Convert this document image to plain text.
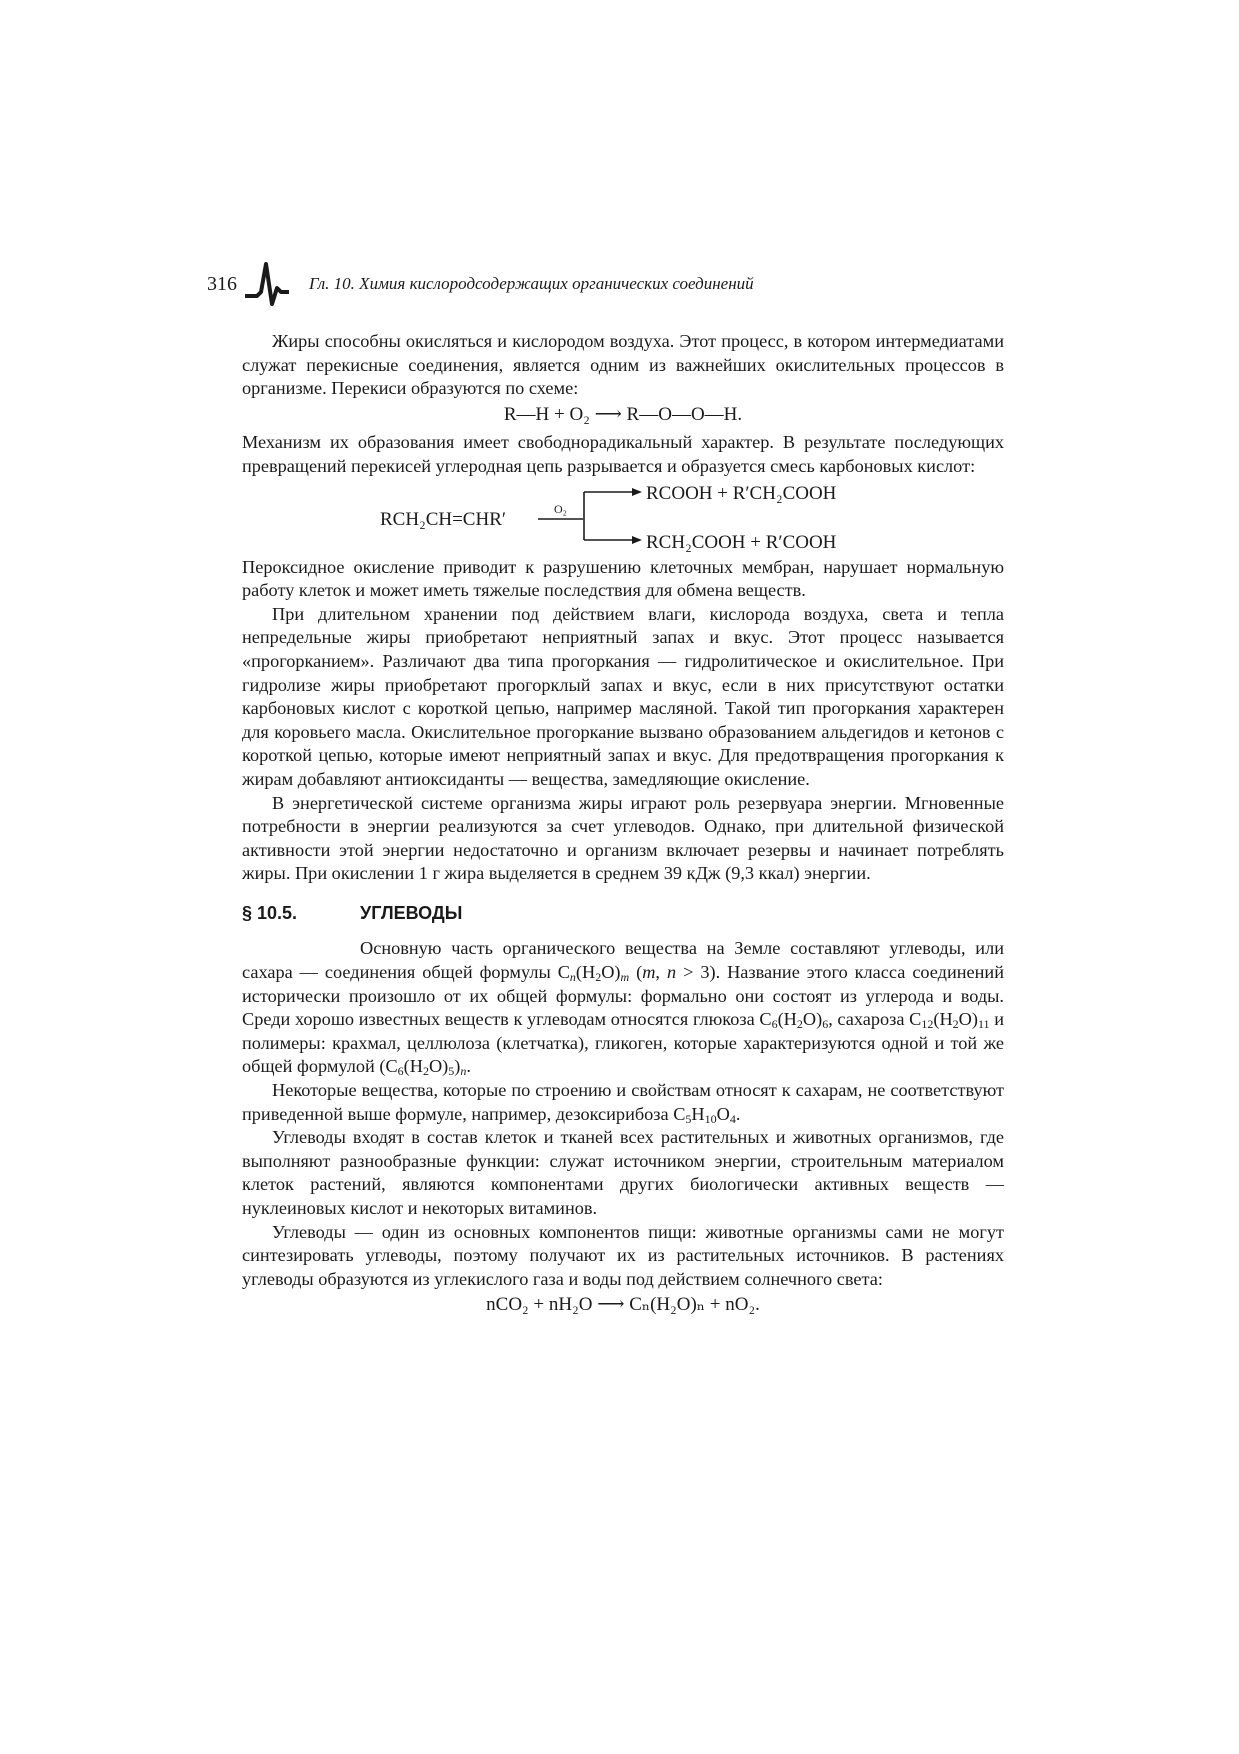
316	Гл. 10. Химия кислородсодержащих органических соединений

Жиры способны окисляться и кислородом воздуха. Этот процесс, в котором интермедиатами служат перекисные соединения, является одним из важнейших окислительных процессов в организме. Перекиси образуются по схеме:

R—H + O₂ ⟶ R—O—O—H.

Механизм их образования имеет свободнорадикальный характер. В результате последующих превращений перекисей углеродная цепь разрывается и образуется смесь карбоновых кислот:

RCH₂CH=CHR′	O₂
RCOOH + R′CH₂COOH
RCH₂COOH + R′COOH

Пероксидное окисление приводит к разрушению клеточных мембран, нарушает нормальную работу клеток и может иметь тяжелые последствия для обмена веществ.

При длительном хранении под действием влаги, кислорода воздуха, света и тепла непредельные жиры приобретают неприятный запах и вкус. Этот процесс называется «прогорканием». Различают два типа прогоркания — гидролитическое и окислительное. При гидролизе жиры приобретают прогорклый запах и вкус, если в них присутствуют остатки карбоновых кислот с короткой цепью, например масляной. Такой тип прогоркания характерен для коровьего масла. Окислительное прогоркание вызвано образованием альдегидов и кетонов с короткой цепью, которые имеют неприятный запах и вкус. Для предотвращения прогоркания к жирам добавляют антиоксиданты — вещества, замедляющие окисление.

В энергетической системе организма жиры играют роль резервуара энергии. Мгновенные потребности в энергии реализуются за счет углеводов. Однако, при длительной физической активности этой энергии недостаточно и организм включает резервы и начинает потреблять жиры. При окислении 1 г жира выделяется в среднем 39 кДж (9,3 ккал) энергии.

§ 10.5.	УГЛЕВОДЫ

Основную часть органического вещества на Земле составляют углеводы, или сахара — соединения общей формулы $C_n(H_2O)_m$ (m, n > 3). Название этого класса соединений исторически произошло от их общей формулы: формально они состоят из углерода и воды. Среди хорошо известных веществ к углеводам относятся глюкоза $C_6(H_2O)_6$, сахароза $C_{12}(H_2O)_{11}$ и полимеры: крахмал, целлюлоза (клетчатка), гликоген, которые характеризуются одной и той же общей формулой $(C_6(H_2O)_5)_n$.

Некоторые вещества, которые по строению и свойствам относят к сахарам, не соответствуют приведенной выше формуле, например, дезоксирибоза $C_5H_{10}O_4$.

Углеводы входят в состав клеток и тканей всех растительных и животных организмов, где выполняют разнообразные функции: служат источником энергии, строительным материалом клеток растений, являются компонентами других биологически активных веществ — нуклеиновых кислот и некоторых витаминов.

Углеводы — один из основных компонентов пищи: животные организмы сами не могут синтезировать углеводы, поэтому получают их из растительных источников. В растениях углеводы образуются из углекислого газа и воды под действием солнечного света:

nCO₂ + nH₂O ⟶ Cₙ(H₂O)ₙ + nO₂.
